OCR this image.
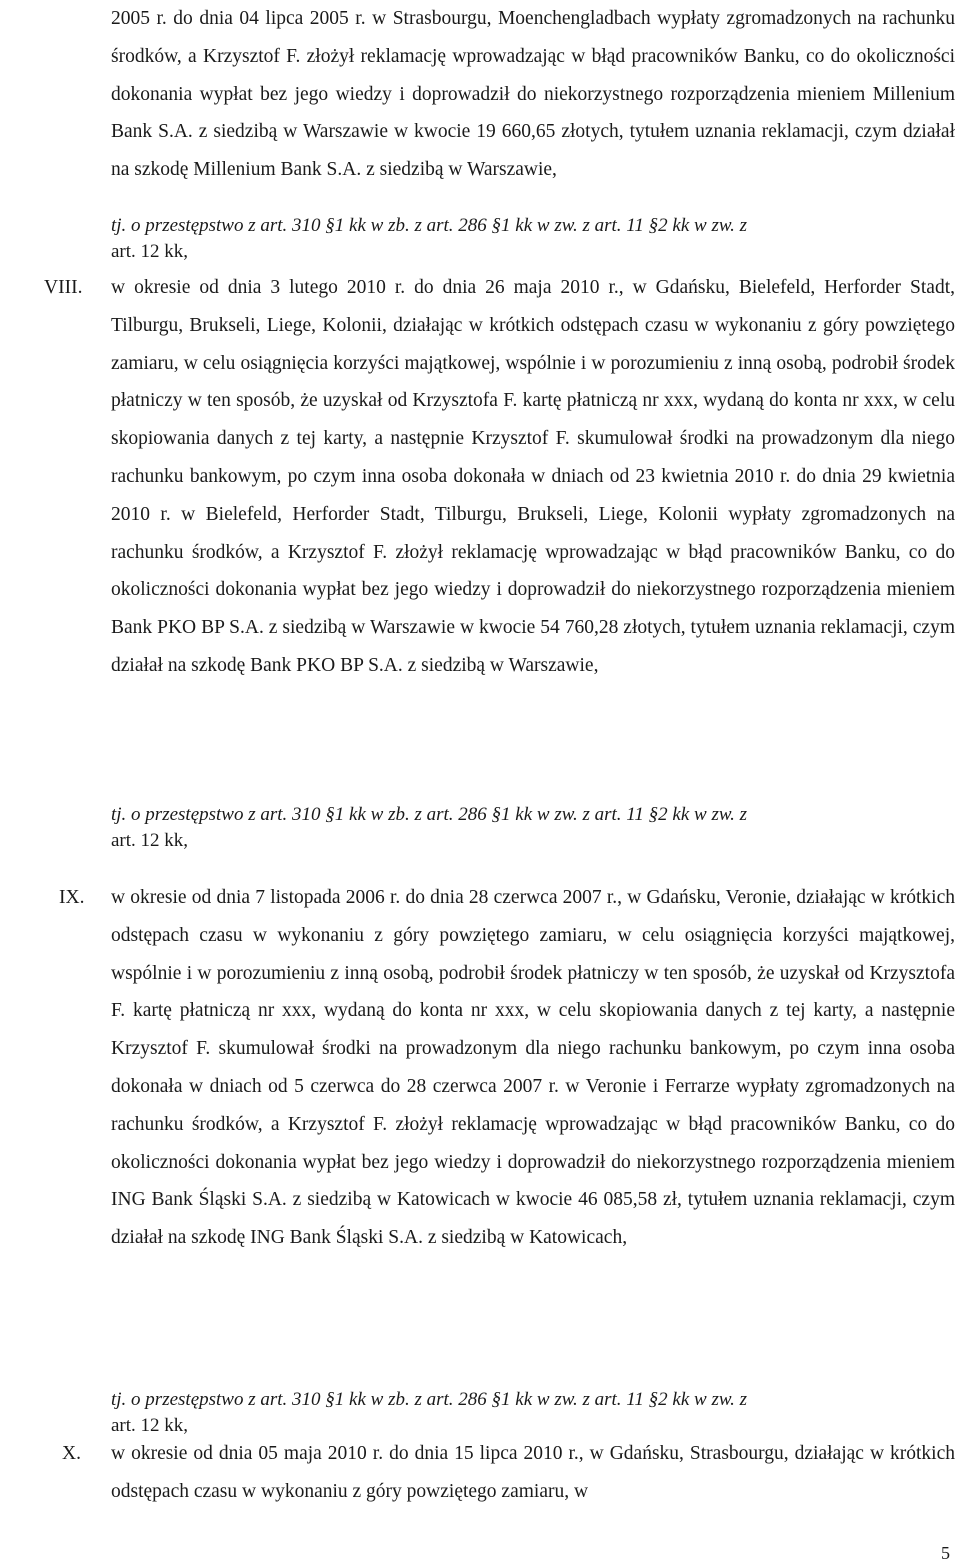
2005 r. do dnia 04 lipca 2005 r. w Strasbourgu, Moenchengladbach wypłaty zgromadzonych na rachunku środków, a Krzysztof F. złożył reklamację wprowadzając w błąd pracowników Banku, co do okoliczności dokonania wypłat bez jego wiedzy i doprowadził do niekorzystnego rozporządzenia mieniem Millenium Bank S.A. z siedzibą w Warszawie w kwocie 19 660,65 złotych, tytułem uznania reklamacji, czym działał na szkodę Millenium Bank S.A. z siedzibą w Warszawie,

tj. o przestępstwo z art. 310 §1 kk w zb. z art. 286 §1 kk w zw. z art. 11 §2 kk w zw. z
art. 12 kk,

VIII. w okresie od dnia 3 lutego 2010 r. do dnia 26 maja 2010 r., w Gdańsku, Bielefeld, Herforder Stadt, Tilburgu, Brukseli, Liege, Kolonii, działając w krótkich odstępach czasu w wykonaniu z góry powziętego zamiaru, w celu osiągnięcia korzyści majątkowej, wspólnie i w porozumieniu z inną osobą, podrobił środek płatniczy w ten sposób, że uzyskał od Krzysztofa F. kartę płatniczą nr xxx, wydaną do konta nr xxx, w celu skopiowania danych z tej karty, a następnie Krzysztof F. skumulował środki na prowadzonym dla niego rachunku bankowym, po czym inna osoba dokonała w dniach od 23 kwietnia 2010 r. do dnia 29 kwietnia 2010 r. w Bielefeld, Herforder Stadt, Tilburgu, Brukseli, Liege, Kolonii wypłaty zgromadzonych na rachunku środków, a Krzysztof F. złożył reklamację wprowadzając w błąd pracowników Banku, co do okoliczności dokonania wypłat bez jego wiedzy i doprowadził do niekorzystnego rozporządzenia mieniem Bank PKO BP S.A. z siedzibą w Warszawie w kwocie 54 760,28 złotych, tytułem uznania reklamacji, czym działał na szkodę Bank PKO BP S.A. z siedzibą w Warszawie,

tj. o przestępstwo z art. 310 §1 kk w zb. z art. 286 §1 kk w zw. z art. 11 §2 kk w zw. z
art. 12 kk,

IX. w okresie od dnia 7 listopada 2006 r. do dnia 28 czerwca 2007 r., w Gdańsku, Veronie, działając w krótkich odstępach czasu w wykonaniu z góry powziętego zamiaru, w celu osiągnięcia korzyści majątkowej, wspólnie i w porozumieniu z inną osobą, podrobił środek płatniczy w ten sposób, że uzyskał od Krzysztofa F. kartę płatniczą nr xxx, wydaną do konta nr xxx, w celu skopiowania danych z tej karty, a następnie Krzysztof F. skumulował środki na prowadzonym dla niego rachunku bankowym, po czym inna osoba dokonała w dniach od 5 czerwca do 28 czerwca 2007 r. w Veronie i Ferrarze wypłaty zgromadzonych na rachunku środków, a Krzysztof F. złożył reklamację wprowadzając w błąd pracowników Banku, co do okoliczności dokonania wypłat bez jego wiedzy i doprowadził do niekorzystnego rozporządzenia mieniem ING Bank Śląski S.A. z siedzibą w Katowicach w kwocie 46 085,58 zł, tytułem uznania reklamacji, czym działał na szkodę ING Bank Śląski S.A. z siedzibą w Katowicach,

tj. o przestępstwo z art. 310 §1 kk w zb. z art. 286 §1 kk w zw. z art. 11 §2 kk w zw. z
art. 12 kk,

X. w okresie od dnia 05 maja 2010 r. do dnia 15 lipca 2010 r., w Gdańsku, Strasbourgu, działając w krótkich odstępach czasu w wykonaniu z góry powziętego zamiaru, w

5
